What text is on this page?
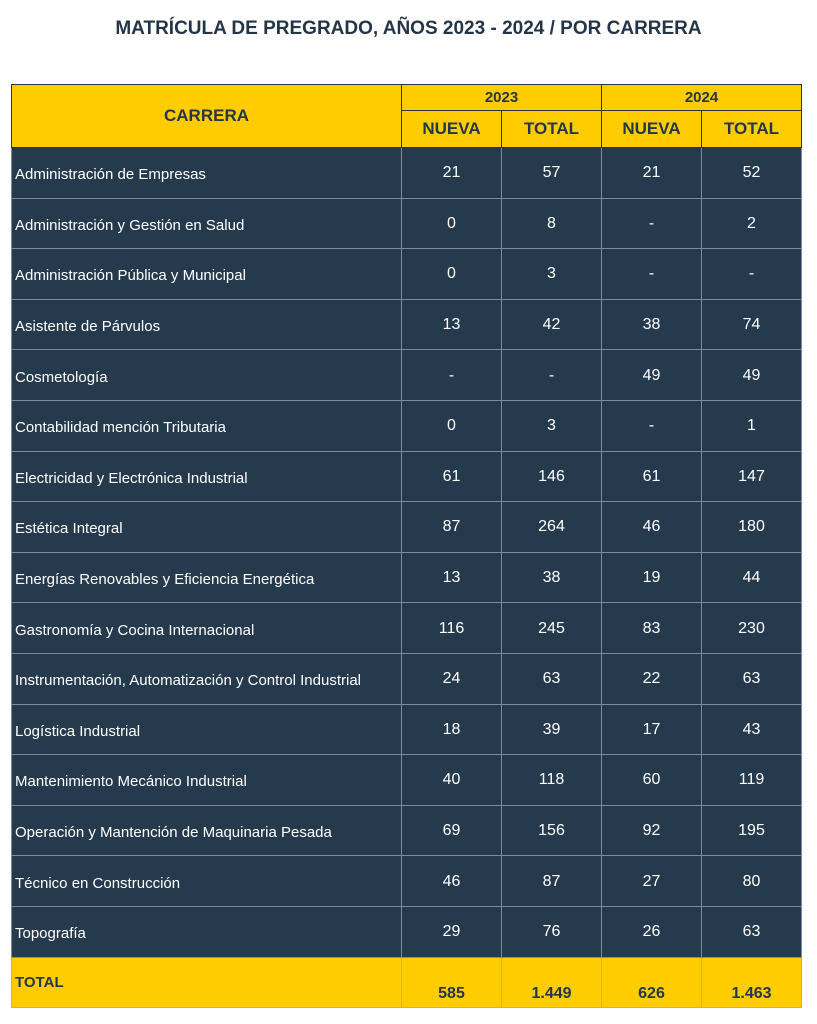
MATRÍCULA DE PREGRADO, AÑOS 2023 - 2024 / POR CARRERA
CARRERA	2023		2024	
	NUEVA	TOTAL	NUEVA	TOTAL
Administración de Empresas	21	57	21	52
Administración y Gestión en Salud	0	8	-	2
Administración Pública y Municipal	0	3	-	-
Asistente de Párvulos	13	42	38	74
Cosmetología	-	-	49	49
Contabilidad mención Tributaria	0	3	-	1
Electricidad y Electrónica Industrial	61	146	61	147
Estética Integral	87	264	46	180
Energías Renovables y Eficiencia Energética	13	38	19	44
Gastronomía y Cocina Internacional	116	245	83	230
Instrumentación, Automatización y Control Industrial	24	63	22	63
Logística Industrial	18	39	17	43
Mantenimiento Mecánico Industrial	40	118	60	119
Operación y Mantención de Maquinaria Pesada	69	156	92	195
Técnico en Construcción	46	87	27	80
Topografía	29	76	26	63
TOTAL	585	1.449	626	1.463
